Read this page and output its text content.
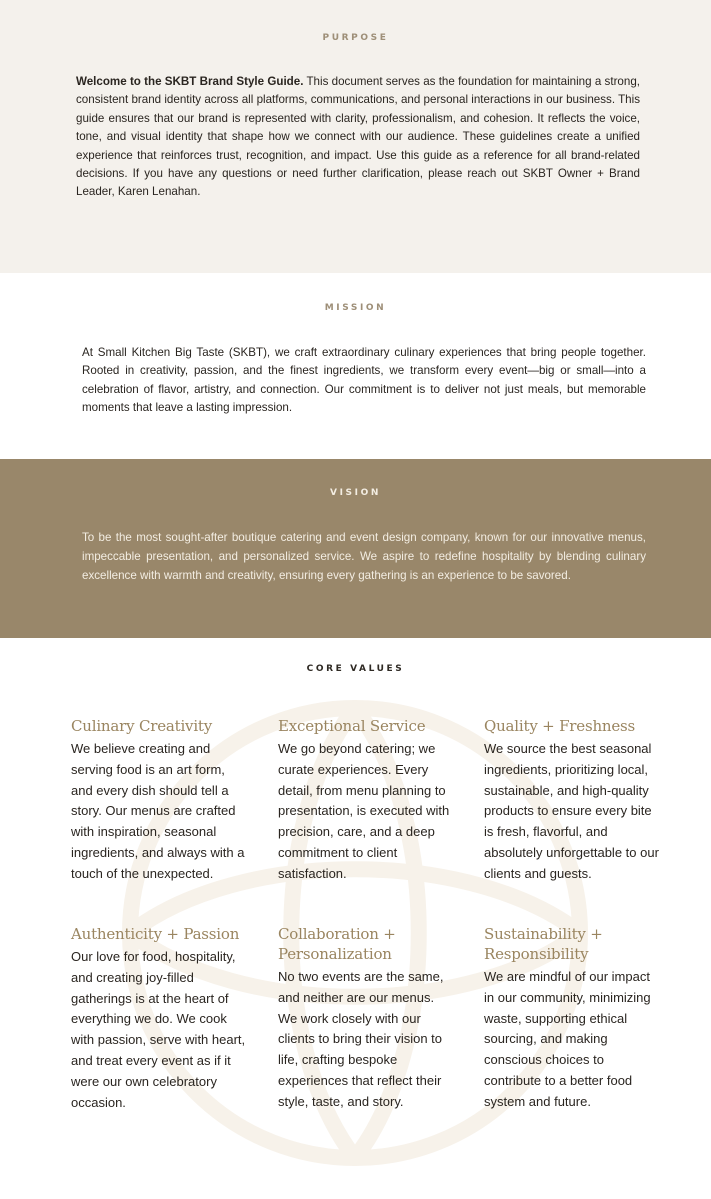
PURPOSE

Welcome to the SKBT Brand Style Guide. This document serves as the foundation for maintaining a strong, consistent brand identity across all platforms, communications, and personal interactions in our business. This guide ensures that our brand is represented with clarity, professionalism, and cohesion. It reflects the voice, tone, and visual identity that shape how we connect with our audience. These guidelines create a unified experience that reinforces trust, recognition, and impact. Use this guide as a reference for all brand-related decisions. If you have any questions or need further clarification, please reach out SKBT Owner + Brand Leader, Karen Lenahan.

MISSION

At Small Kitchen Big Taste (SKBT), we craft extraordinary culinary experiences that bring people together. Rooted in creativity, passion, and the finest ingredients, we transform every event—big or small—into a celebration of flavor, artistry, and connection. Our commitment is to deliver not just meals, but memorable moments that leave a lasting impression.

VISION

To be the most sought-after boutique catering and event design company, known for our innovative menus, impeccable presentation, and personalized service. We aspire to redefine hospitality by blending culinary excellence with warmth and creativity, ensuring every gathering is an experience to be savored.

CORE VALUES
Culinary Creativity

We believe creating and serving food is an art form, and every dish should tell a story. Our menus are crafted with inspiration, seasonal ingredients, and always with a touch of the unexpected.

Exceptional Service

We go beyond catering; we curate experiences. Every detail, from menu planning to presentation, is executed with precision, care, and a deep commitment to client satisfaction.

Quality + Freshness

We source the best seasonal ingredients, prioritizing local, sustainable, and high-quality products to ensure every bite is fresh, flavorful, and absolutely unforgettable to our clients and guests.

Authenticity + Passion

Our love for food, hospitality, and creating joy-filled gatherings is at the heart of everything we do. We cook with passion, serve with heart, and treat every event as if it were our own celebratory occasion.

Collaboration + Personalization

No two events are the same, and neither are our menus. We work closely with our clients to bring their vision to life, crafting bespoke experiences that reflect their style, taste, and story.

Sustainability + Responsibility

We are mindful of our impact in our community, minimizing waste, supporting ethical sourcing, and making conscious choices to contribute to a better food system and future.
